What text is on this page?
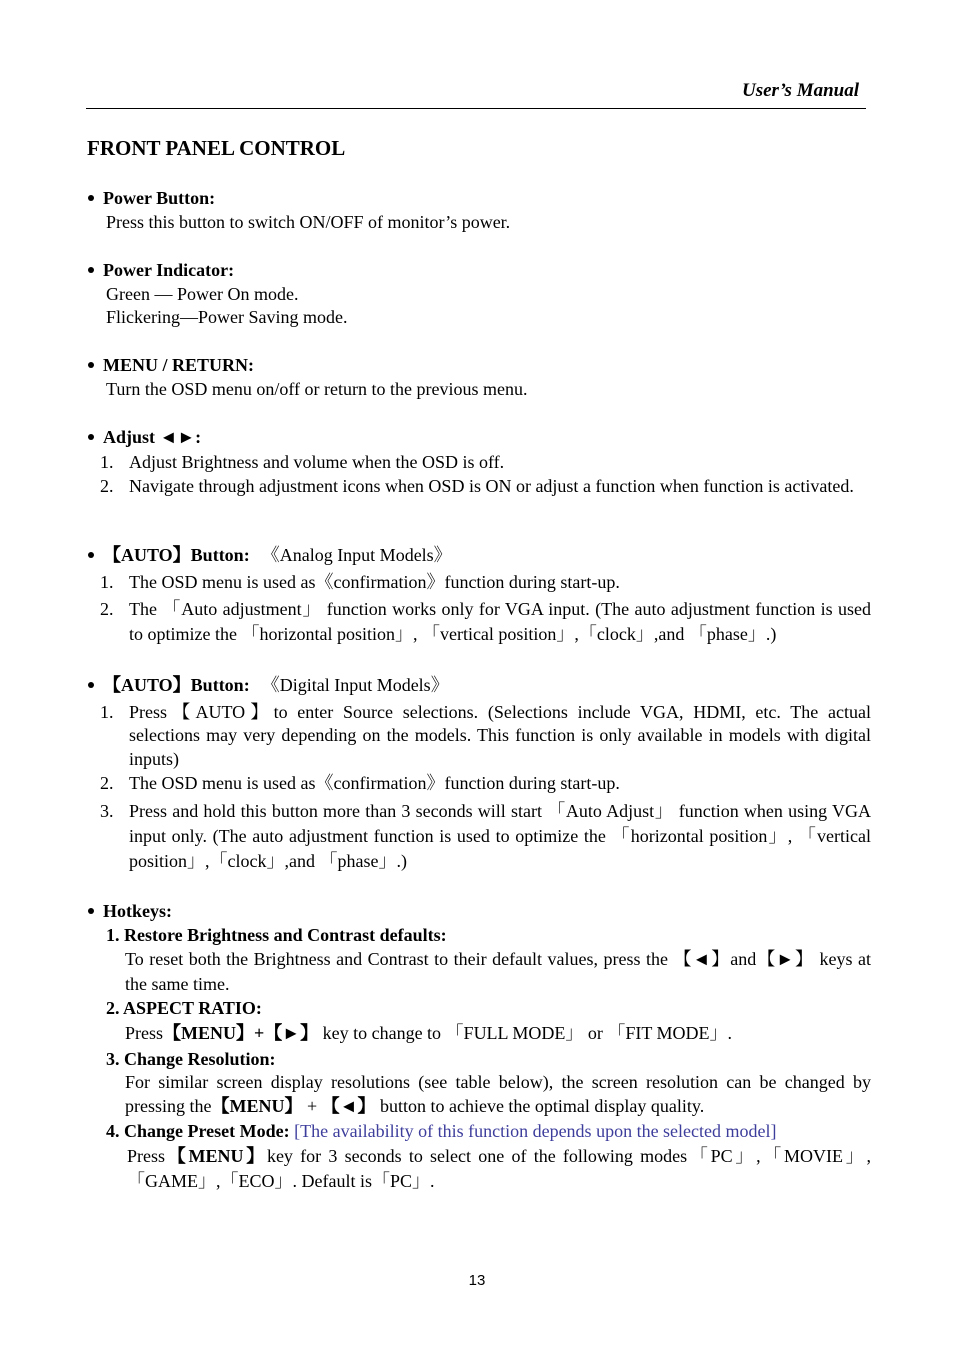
User’s Manual
FRONT PANEL CONTROL
Power Button:
Press this button to switch ON/OFF of monitor’s power.
Power Indicator:
Green — Power On mode.
Flickering—Power Saving mode.
MENU / RETURN:
Turn the OSD menu on/off or return to the previous menu.
Adjust ◄►:
1. Adjust Brightness and volume when the OSD is off.
2. Navigate through adjustment icons when OSD is ON or adjust a function when function is activated.
【AUTO】Button: 《Analog Input Models》
1. The OSD menu is used as《confirmation》function during start-up.
2. The 「Auto adjustment」 function works only for VGA input. (The auto adjustment function is used to optimize the 「horizontal position」, 「vertical position」,「clock」,and 「phase」.)
【AUTO】Button: 《Digital Input Models》
1. Press【AUTO】to enter Source selections. (Selections include VGA, HDMI, etc. The actual selections may very depending on the models. This function is only available in models with digital inputs)
2. The OSD menu is used as《confirmation》function during start-up.
3. Press and hold this button more than 3 seconds will start 「Auto Adjust」 function when using VGA input only. (The auto adjustment function is used to optimize the 「horizontal position」, 「vertical position」,「clock」,and 「phase」.)
Hotkeys:
1. Restore Brightness and Contrast defaults:
To reset both the Brightness and Contrast to their default values, press the 【◄】and【►】 keys at the same time.
2. ASPECT RATIO:
Press【MENU】+【►】 key to change to 「FULL MODE」 or 「FIT MODE」.
3. Change Resolution:
For similar screen display resolutions (see table below), the screen resolution can be changed by pressing the【MENU】 + 【◄】 button to achieve the optimal display quality.
4. Change Preset Mode: [The availability of this function depends upon the selected model]
Press【MENU】key for 3 seconds to select one of the following modes「PC」,「MOVIE」,「GAME」,「ECO」. Default is「PC」.
13
